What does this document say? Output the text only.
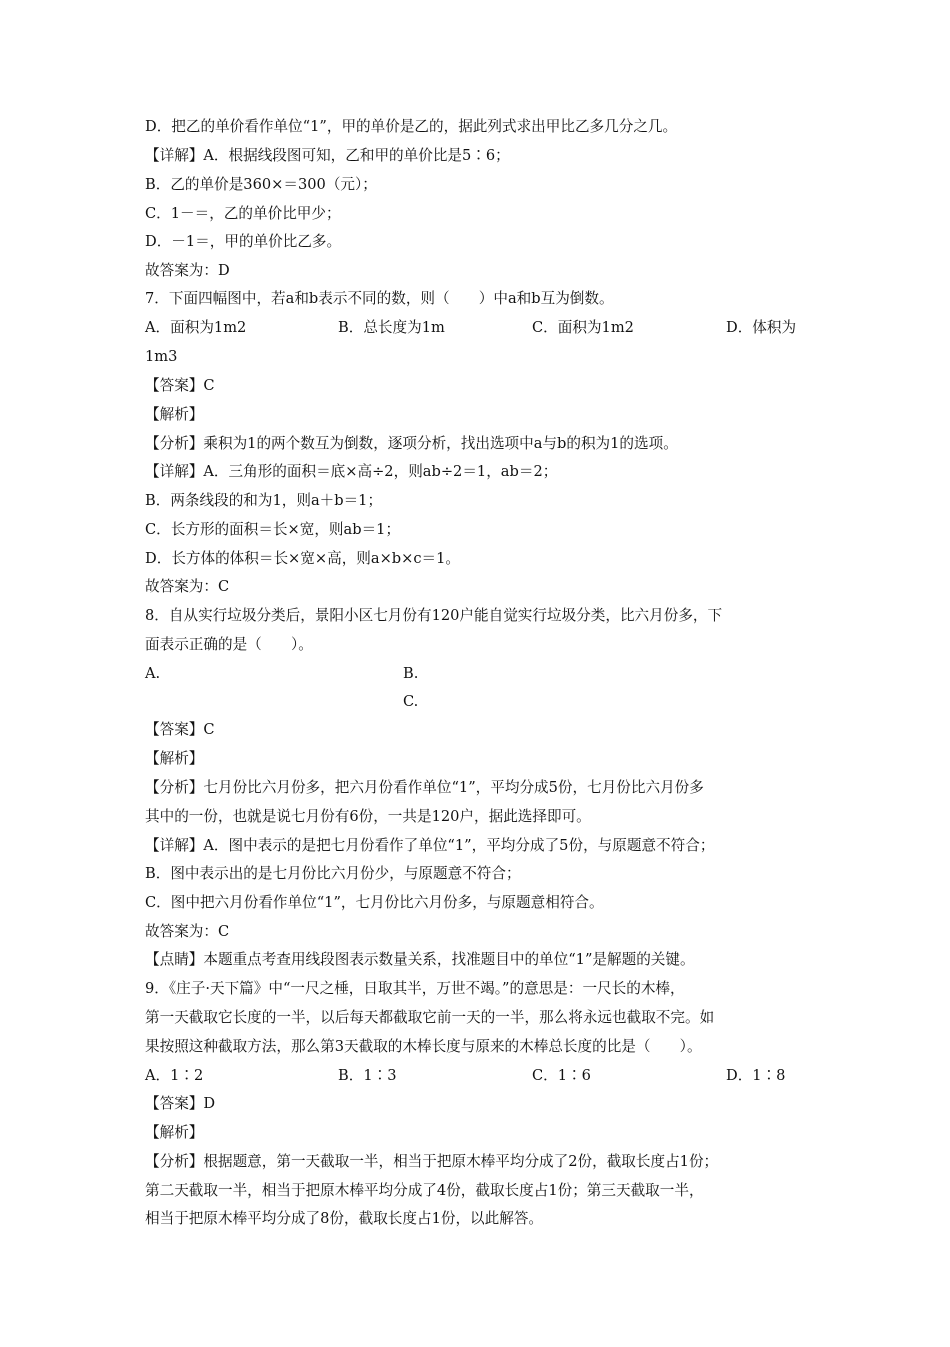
D．把乙的单价看作单位“1”，甲的单价是乙的，据此列式求出甲比乙多几分之几。
【详解】A．根据线段图可知，乙和甲的单价比是5∶6；
B．乙的单价是360×＝300（元）；
C．1－＝，乙的单价比甲少；
D．－1＝，甲的单价比乙多。
故答案为：D
7．下面四幅图中，若a和b表示不同的数，则（　　）中a和b互为倒数。
A．面积为1m2	B．总长度为1m	C．面积为1m2	D．体积为
1m3
【答案】C
【解析】
【分析】乘积为1的两个数互为倒数，逐项分析，找出选项中a与b的积为1的选项。
【详解】A．三角形的面积＝底×高÷2，则ab÷2＝1，ab＝2；
B．两条线段的和为1，则a＋b＝1；
C．长方形的面积＝长×宽，则ab＝1；
D．长方体的体积＝长×宽×高，则a×b×c＝1。
故答案为：C
8．自从实行垃圾分类后，景阳小区七月份有120户能自觉实行垃圾分类，比六月份多，下
面表示正确的是（　　）。
A.	B.
C.
【答案】C
【解析】
【分析】七月份比六月份多，把六月份看作单位“1”，平均分成5份，七月份比六月份多
其中的一份，也就是说七月份有6份，一共是120户，据此选择即可。
【详解】A．图中表示的是把七月份看作了单位“1”，平均分成了5份，与原题意不符合；
B．图中表示出的是七月份比六月份少，与原题意不符合；
C．图中把六月份看作单位“1”，七月份比六月份多，与原题意相符合。
故答案为：C
【点睛】本题重点考查用线段图表示数量关系，找准题目中的单位“1”是解题的关键。
9．《庄子·天下篇》中“一尺之棰，日取其半，万世不竭。”的意思是：一尺长的木棒，
第一天截取它长度的一半，以后每天都截取它前一天的一半，那么将永远也截取不完。如
果按照这种截取方法，那么第3天截取的木棒长度与原来的木棒总长度的比是（　　）。
A．1∶2	B．1∶3	C．1∶6	D．1∶8
【答案】D
【解析】
【分析】根据题意，第一天截取一半，相当于把原木棒平均分成了2份，截取长度占1份；
第二天截取一半，相当于把原木棒平均分成了4份，截取长度占1份；第三天截取一半，
相当于把原木棒平均分成了8份，截取长度占1份，以此解答。
